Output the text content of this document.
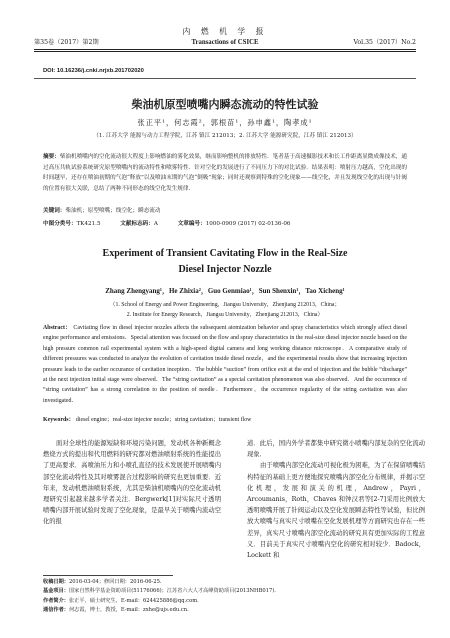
第35卷（2017）第2期
内 燃 机 学 报
Transactions of CSICE	Vol.35（2017）No.2
DOI: 10.16236/j.cnki.nrjxb.201702020
柴油机原型喷嘴内瞬态流动的特性试验
张正平¹，何志霞²，郭根苗¹，孙申鑫¹，陶孝成¹
（1. 江苏大学 能源与动力工程学院，江苏 镇江 212013；2. 江苏大学 能源研究院，江苏 镇江 212013）
摘要：柴油机喷嘴内的空化流动很大程度上影响燃油的雾化效果，继而影响整机的排放特性．笔者基于高速摄影技术和长工作距离显微成像技术，通过高压共轨试验系统研究原型喷嘴内的流动特性和喷雾特性．针对空化的发展进行了不同压力下的对比试验．结果表明：喷射压力越高，空化出现的时间越早，还存在喷油初期的气泡“释放”以及喷油末期的气泡“倒吸”现象；同时还观察到特殊的空化现象——线空化，并且发现线空化的出现与针阀的位置有很大关联，总结了两种不同形态的线空化发生规律．
关键词：柴油机；原型喷嘴；线空化；瞬态流动
中图分类号：TK421.5	文献标志码：A	文章编号：1000-0909 (2017) 02-0136-06
Experiment of Transient Cavitating Flow in the Real-Size
Diesel Injector Nozzle
Zhang Zhengyang¹，He Zhixia²，Guo Genmiao¹，Sun Shenxin¹，Tao Xicheng¹
（1. School of Energy and Power Engineering，Jiangsu University，Zhenjiang 212013，China；
2. Institute for Energy Research，Jiangsu University，Zhenjiang 212013，China）
Abstract： Cavitating flow in diesel injector nozzles affects the subsequent atomization behavior and spray characteristics which strongly affect diesel engine performance and emissions．Special attention was focused on the flow and spray characteristics in the real-size diesel injector nozzle based on the high pressure common rail experimental system with a high-speed digital camera and long working distance microscope．A comparative study of different pressures was conducted to analyze the evolution of cavitation inside diesel nozzle，and the experimental results show that increasing injection pressure leads to the earlier occurance of cavitation inception．The bubble “suction” from orifice exit at the end of injection and the bubble “discharge” at the next injection initial stage were observed．The “string cavitation” as a special cavitation phenomenon was also observed．And the occurrence of “string cavitation” has a strong correlation to the position of needle．Furthermore，the occurrence regularity of the string cavitation was also investigated．
Keywords： diesel engine；real-size injector nozzle；string cavitation；transient flow
面对全球性的能源短缺和环境污染问题，发动机各种新概念燃烧方式的提出和代用燃料的研究都对燃油喷射系统的性能提出了更高要求．高喷油压力和小喷孔直径的技术发展使开展喷嘴内部空化流动特性及其对喷雾混合过程影响的研究也更加重要．近年来，发动机燃油喷射系统，尤其是柴油机喷嘴内的空化流动机理研究引起越来越多学者关注．Bergwerk[1]对实际尺寸透明喷嘴内部开展试验时发现了空化现象，是最早关于喷嘴内流动空化的报

道．此后，国内外学者都集中研究微小喷嘴内部复杂的空化流动现象．

由于喷嘴内部空化流动可视化极为困难，为了在保留喷嘴结构特征的基础上更方便地探究喷嘴内部空化分布规律，并揭示空化机理，发展和演关的机理，Andrew，Payri，Arcoumanis，Roth，Chaves 和钟汉君等[2-7]采用比例放大透明喷嘴开展了针阀运动以及空化发展瞬态特性等试验，但比例放大喷嘴与真实尺寸喷嘴在空化发展机理等方面研究也存在一些差异，真实尺寸喷嘴内部空化流动的研究具有更加实际的工程意义．目前关于真实尺寸喷嘴内空化的研究相对较少．Badock，Lockett 和

收稿日期：2016-03-04；修回日期：2016-06-25.
基金项目：国家自然科学基金资助项目(51176066)；江苏省六大人才高峰资助项目(2013NHB017).
作者简介：张正平，硕士研究生，E-mail：624425886@qq.com.
通信作者：何志霞，博士，教授，E-mail：zxhe@ujs.edu.cn.
